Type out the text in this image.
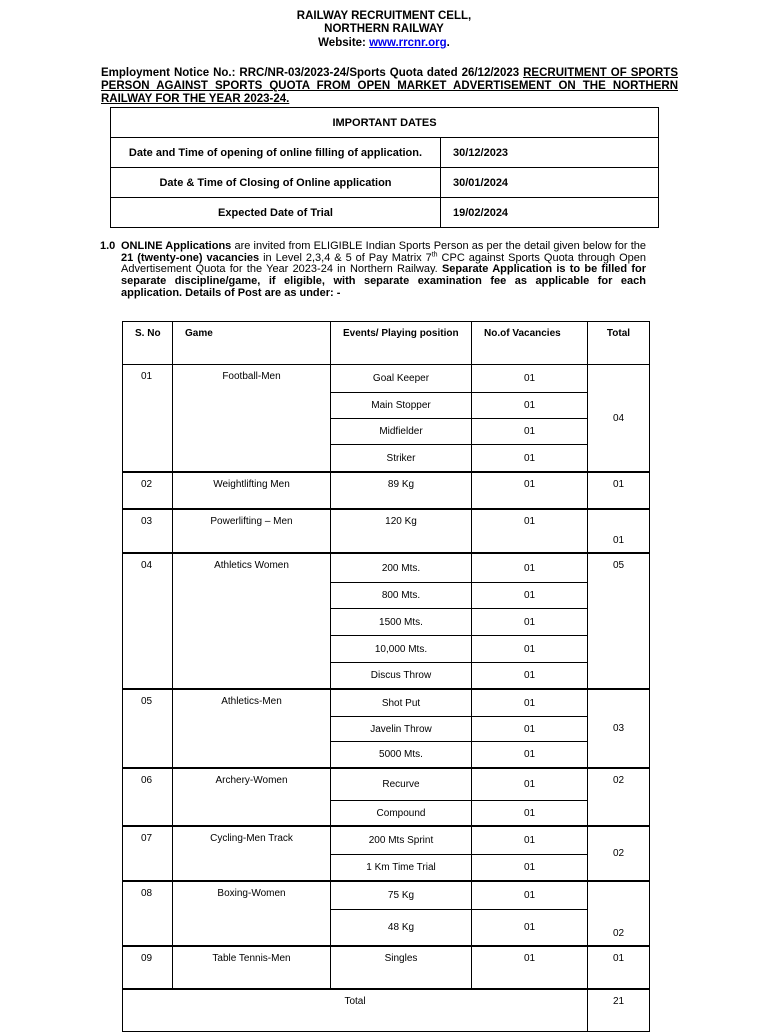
RAILWAY RECRUITMENT CELL,
NORTHERN RAILWAY
Website: www.rrcnr.org.
Employment Notice No.: RRC/NR-03/2023-24/Sports Quota dated 26/12/2023 RECRUITMENT OF SPORTS PERSON AGAINST SPORTS QUOTA FROM OPEN MARKET ADVERTISEMENT ON THE NORTHERN RAILWAY FOR THE YEAR 2023-24.
IMPORTANT DATES	
Date and Time of opening of online filling of application.	30/12/2023
Date & Time of Closing of Online application	30/01/2024
Expected Date of Trial	19/02/2024
1.0 ONLINE Applications are invited from ELIGIBLE Indian Sports Person as per the detail given below for the 21 (twenty-one) vacancies in Level 2,3,4 & 5 of Pay Matrix 7th CPC against Sports Quota through Open Advertisement Quota for the Year 2023-24 in Northern Railway. Separate Application is to be filled for separate discipline/game, if eligible, with separate examination fee as applicable for each application. Details of Post are as under: -
S. No	Game	Events/ Playing position	No.of Vacancies	Total
01	Football-Men	Goal Keeper	01	04
		Main Stopper	01	
		Midfielder	01	
		Striker	01	
02	Weightlifting Men	89 Kg	01	01
03	Powerlifting – Men	120 Kg	01	01
04	Athletics Women	200 Mts.	01	05
		800 Mts.	01	
		1500 Mts.	01	
		10,000 Mts.	01	
		Discus Throw	01	
05	Athletics-Men	Shot Put	01	03
		Javelin Throw	01	
		5000 Mts.	01	
06	Archery-Women	Recurve	01	02
		Compound	01	
07	Cycling-Men Track	200 Mts Sprint	01	02
		1 Km Time Trial	01	
08	Boxing-Women	75 Kg	01	02
		48 Kg	01	
09	Table Tennis-Men	Singles	01	01
Total				21
